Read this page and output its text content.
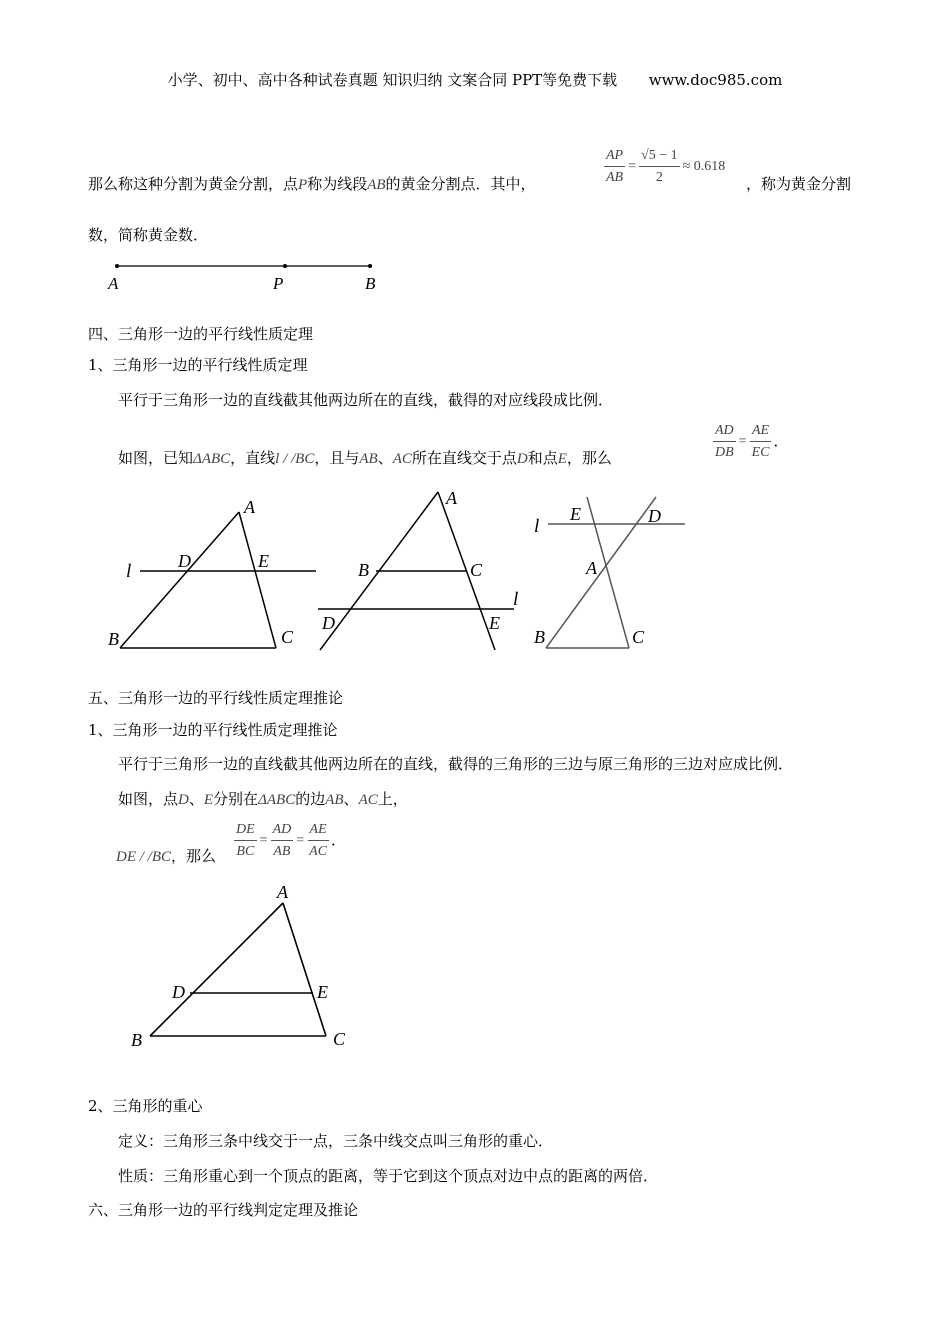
小学、初中、高中各种试卷真题 知识归纳 文案合同 PPT等免费下载 www.doc985.com
那么称这种分割为黄金分割，点P称为线段AB的黄金分割点．其中，	$\frac{AP}{AB} = \frac{√5 - 1}{2} \approx 0.618$
，称为黄金分割
数，简称黄金数．
A	P	B
四、三角形一边的平行线性质定理
1、三角形一边的平行线性质定理
平行于三角形一边的直线截其他两边所在的直线，截得的对应线段成比例．
如图，已知ΔABC，直线l / /BC，且与AB、AC所在直线交于点D和点E，那么	$\frac{AD}{DB} = \frac{AE}{EC}$ ．
l
A
D	E
B	C
A
B	C
l
D	E
l
E	D
A
B	C
五、三角形一边的平行线性质定理推论
1、三角形一边的平行线性质定理推论
平行于三角形一边的直线截其他两边所在的直线，截得的三角形的三边与原三角形的三边对应成比例．
如图，点D、E分别在ΔABC的边AB、AC上，
DE / /BC，那么 $\frac{DE}{BC} = \frac{AD}{AB} = \frac{AE}{AC}$ ．
A
D	E
B	C
2、三角形的重心
定义：三角形三条中线交于一点，三条中线交点叫三角形的重心．
性质：三角形重心到一个顶点的距离，等于它到这个顶点对边中点的距离的两倍．
六、三角形一边的平行线判定定理及推论
